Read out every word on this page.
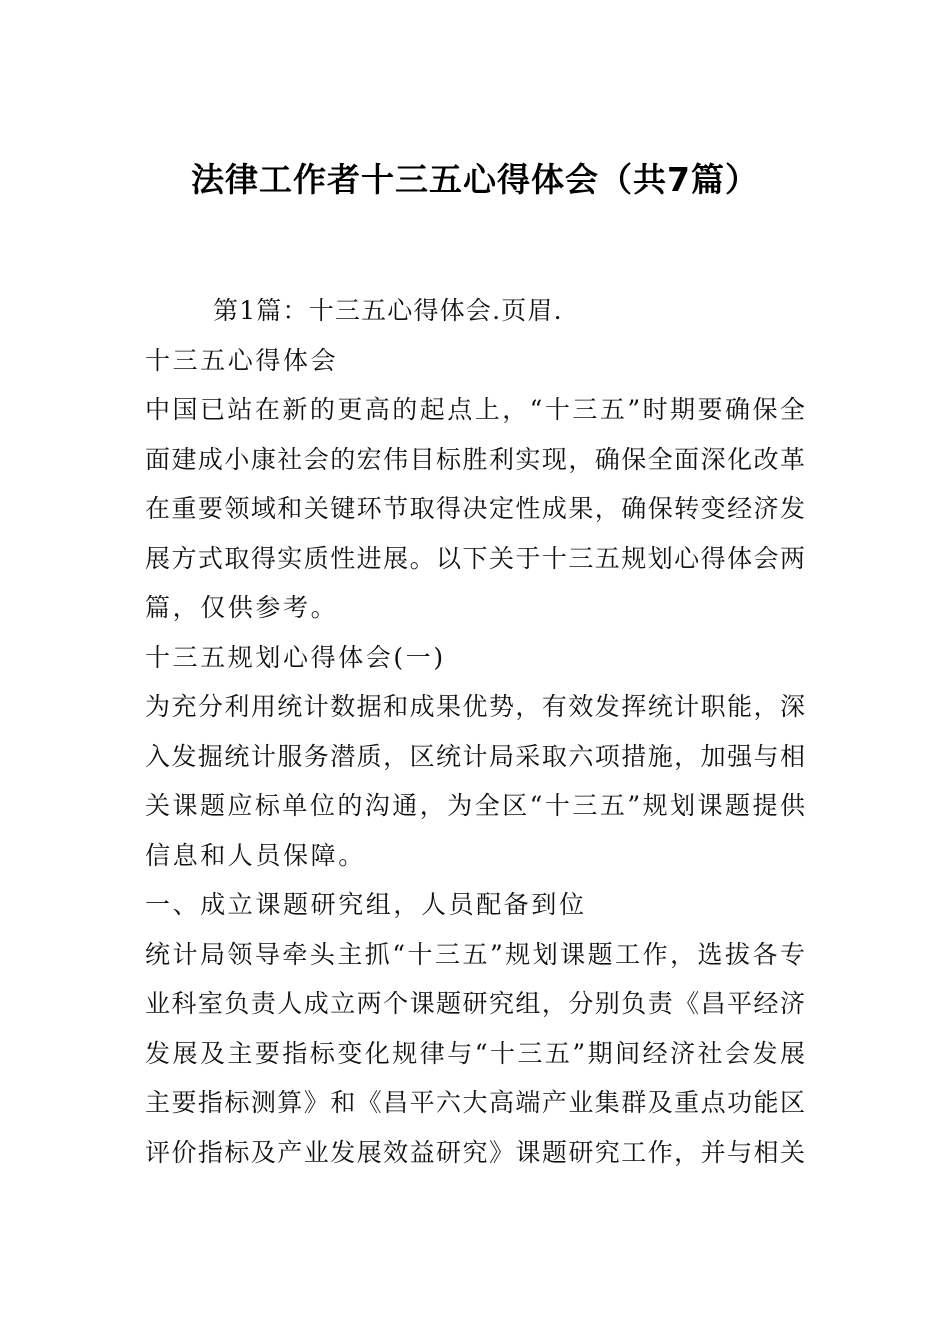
法律工作者十三五心得体会（共7篇）
第1篇：十三五心得体会.页眉.
十三五心得体会
中国已站在新的更高的起点上，“十三五”时期要确保全
面建成小康社会的宏伟目标胜利实现，确保全面深化改革
在重要领域和关键环节取得决定性成果，确保转变经济发
展方式取得实质性进展。以下关于十三五规划心得体会两
篇，仅供参考。
十三五规划心得体会(一)
为充分利用统计数据和成果优势，有效发挥统计职能，深
入发掘统计服务潜质，区统计局采取六项措施，加强与相
关课题应标单位的沟通，为全区“十三五”规划课题提供
信息和人员保障。
一、成立课题研究组，人员配备到位
统计局领导牵头主抓“十三五”规划课题工作，选拔各专
业科室负责人成立两个课题研究组，分别负责《昌平经济
发展及主要指标变化规律与“十三五”期间经济社会发展
主要指标测算》和《昌平六大高端产业集群及重点功能区
评价指标及产业发展效益研究》课题研究工作，并与相关
